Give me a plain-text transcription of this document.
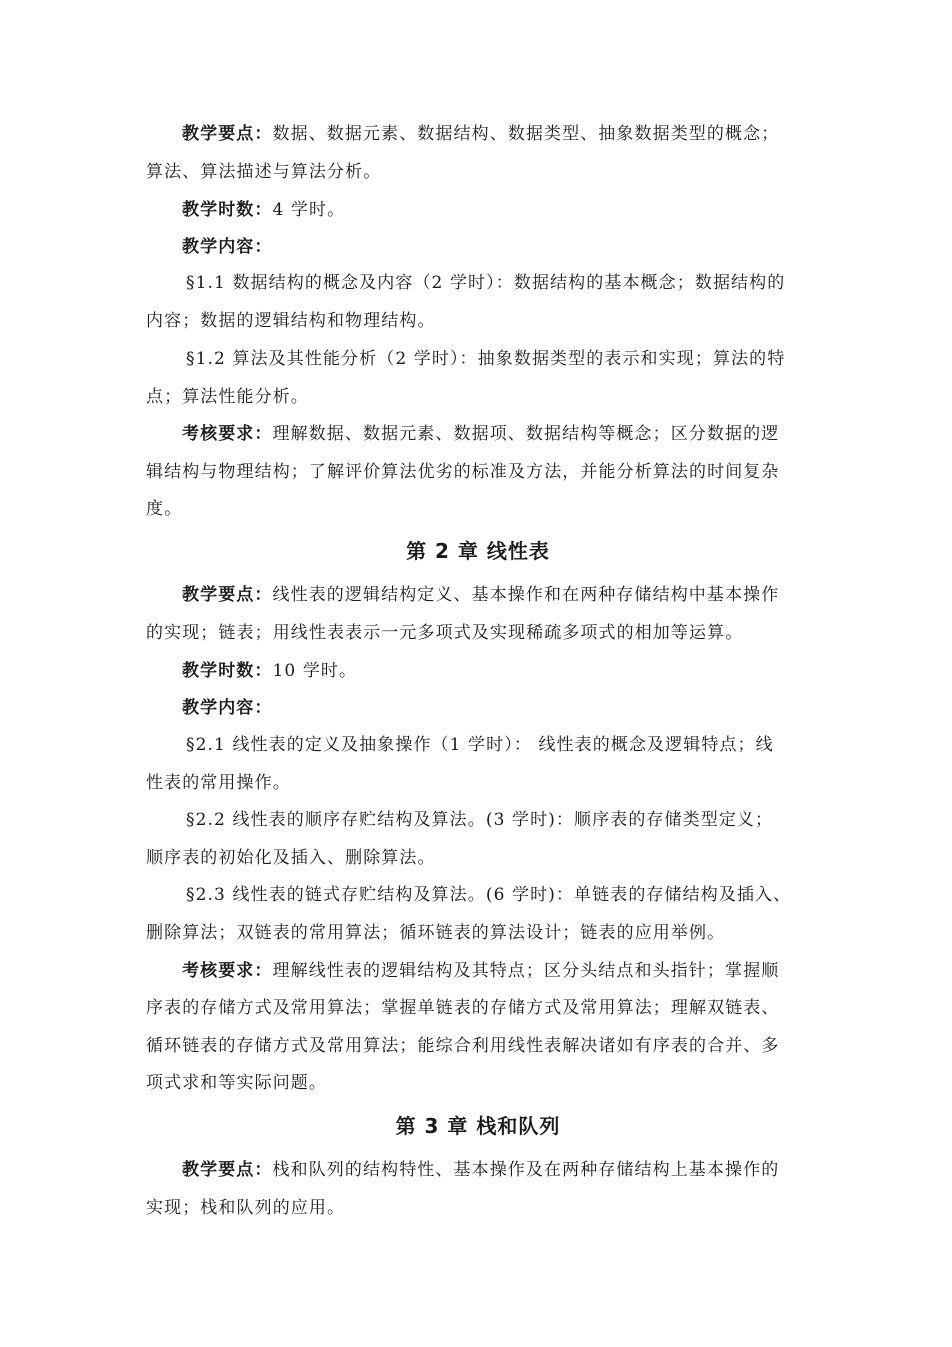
教学要点：数据、数据元素、数据结构、数据类型、抽象数据类型的概念；
算法、算法描述与算法分析。
教学时数：4 学时。
教学内容：
§1.1 数据结构的概念及内容（2 学时）：数据结构的基本概念；数据结构的
内容；数据的逻辑结构和物理结构。
§1.2 算法及其性能分析（2 学时）：抽象数据类型的表示和实现；算法的特
点；算法性能分析。
考核要求：理解数据、数据元素、数据项、数据结构等概念；区分数据的逻
辑结构与物理结构；了解评价算法优劣的标准及方法，并能分析算法的时间复杂
度。
第 2 章 线性表
教学要点：线性表的逻辑结构定义、基本操作和在两种存储结构中基本操作
的实现；链表；用线性表表示一元多项式及实现稀疏多项式的相加等运算。
教学时数：10 学时。
教学内容：
§2.1 线性表的定义及抽象操作（1 学时）： 线性表的概念及逻辑特点；线
性表的常用操作。
§2.2 线性表的顺序存贮结构及算法。(3 学时)：顺序表的存储类型定义；
顺序表的初始化及插入、删除算法。
§2.3 线性表的链式存贮结构及算法。(6 学时)：单链表的存储结构及插入、
删除算法；双链表的常用算法；循环链表的算法设计；链表的应用举例。
考核要求：理解线性表的逻辑结构及其特点；区分头结点和头指针；掌握顺
序表的存储方式及常用算法；掌握单链表的存储方式及常用算法；理解双链表、
循环链表的存储方式及常用算法；能综合利用线性表解决诸如有序表的合并、多
项式求和等实际问题。
第 3 章 栈和队列
教学要点：栈和队列的结构特性、基本操作及在两种存储结构上基本操作的
实现；栈和队列的应用。
